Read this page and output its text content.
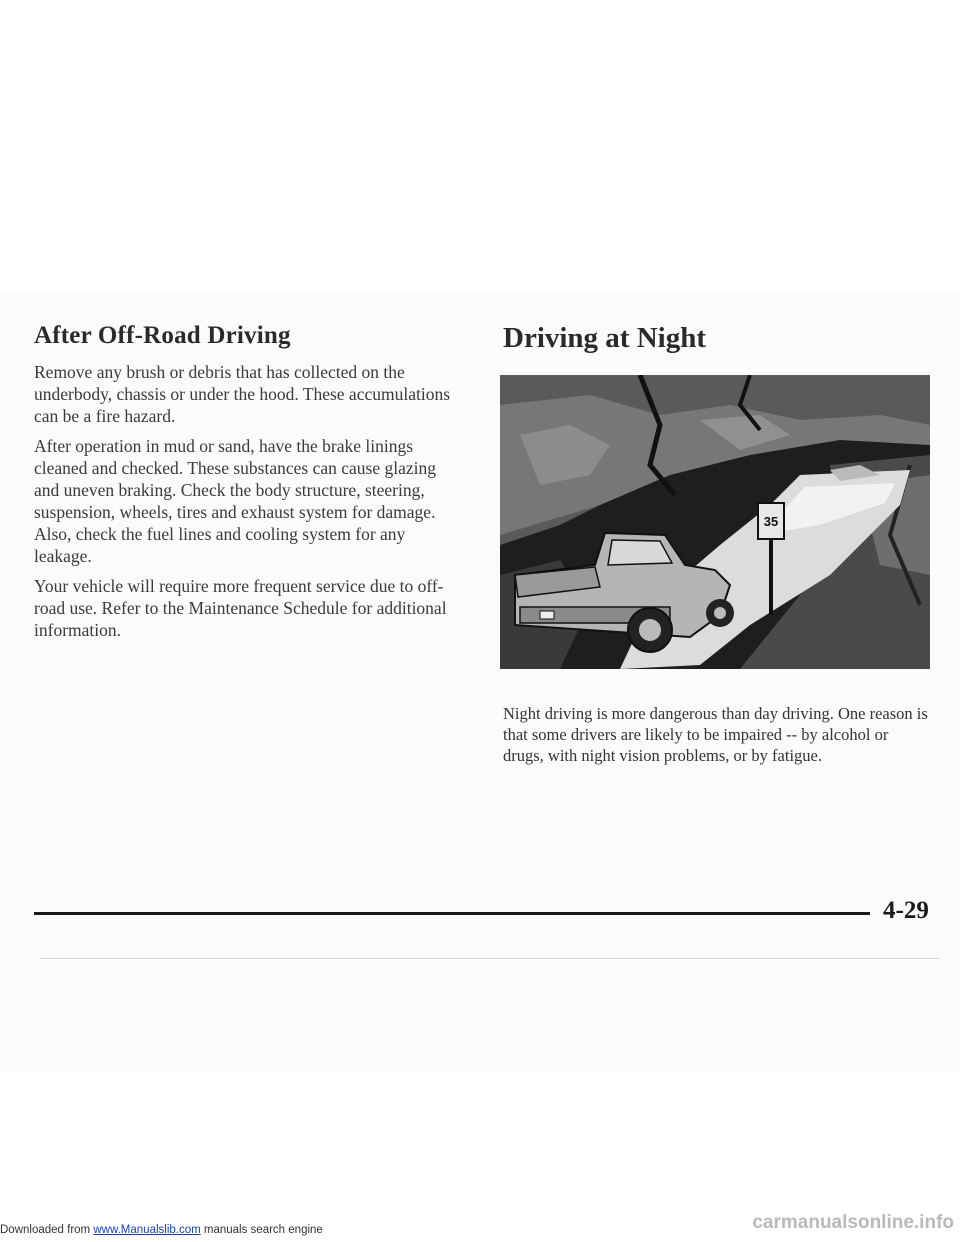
After Off-Road Driving	Driving at Night

Remove any brush or debris that has collected on the underbody, chassis or under the hood. These accumulations can be a fire hazard.

After operation in mud or sand, have the brake linings cleaned and checked. These substances can cause glazing and uneven braking. Check the body structure, steering, suspension, wheels, tires and exhaust system for damage. Also, check the fuel lines and cooling system for any leakage.

Your vehicle will require more frequent service due to off-road use. Refer to the Maintenance Schedule for additional information.

35

Night driving is more dangerous than day driving. One reason is that some drivers are likely to be impaired -- by alcohol or drugs, with night vision problems, or by fatigue.

4-29
Downloaded from www.Manualslib.com manuals search engine	carmanualsonline.info
